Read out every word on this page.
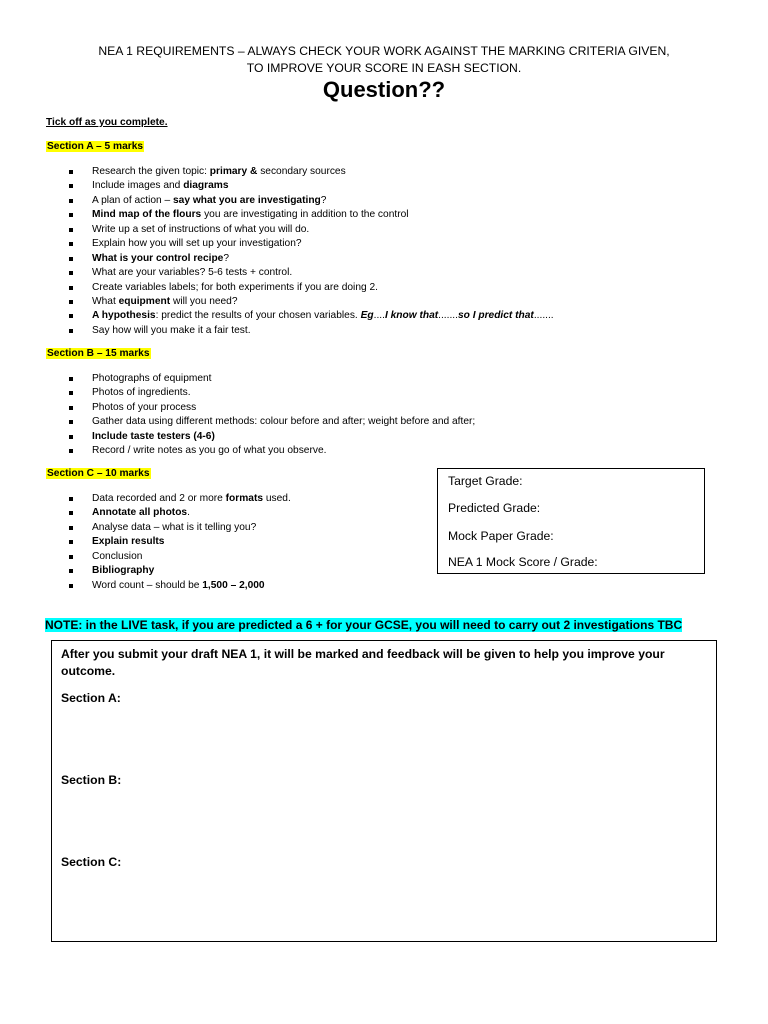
NEA 1 REQUIREMENTS – ALWAYS CHECK YOUR WORK AGAINST THE MARKING CRITERIA GIVEN,
TO IMPROVE YOUR SCORE IN EASH SECTION.
Question??
Tick off as you complete.
Section A – 5 marks
Research the given topic: primary & secondary sources
Include images and diagrams
A plan of action – say what you are investigating?
Mind map of the flours you are investigating in addition to the control
Write up a set of instructions of what you will do.
Explain how you will set up your investigation?
What is your control recipe?
What are your variables? 5-6 tests + control.
Create variables labels; for both experiments if you are doing 2.
What equipment will you need?
A hypothesis: predict the results of your chosen variables. Eg....I know that.......so I predict that.......
Say how will you make it a fair test.
Section B – 15 marks
Photographs of equipment
Photos of ingredients.
Photos of your process
Gather data using different methods: colour before and after; weight before and after;
Include taste testers (4-6)
Record / write notes as you go of what you observe.
Section C – 10 marks
Data recorded and 2 or more formats used.
Annotate all photos.
Analyse data – what is it telling you?
Explain results
Conclusion
Bibliography
Word count – should be 1,500 – 2,000
Target Grade:
Predicted Grade:
Mock Paper Grade:
NEA 1 Mock Score / Grade:
NOTE: in the LIVE task, if you are predicted a 6 + for your GCSE, you will need to carry out 2 investigations TBC
After you submit your draft NEA 1, it will be marked and feedback will be given to help you improve your outcome.
Section A:
Section B:
Section C:
